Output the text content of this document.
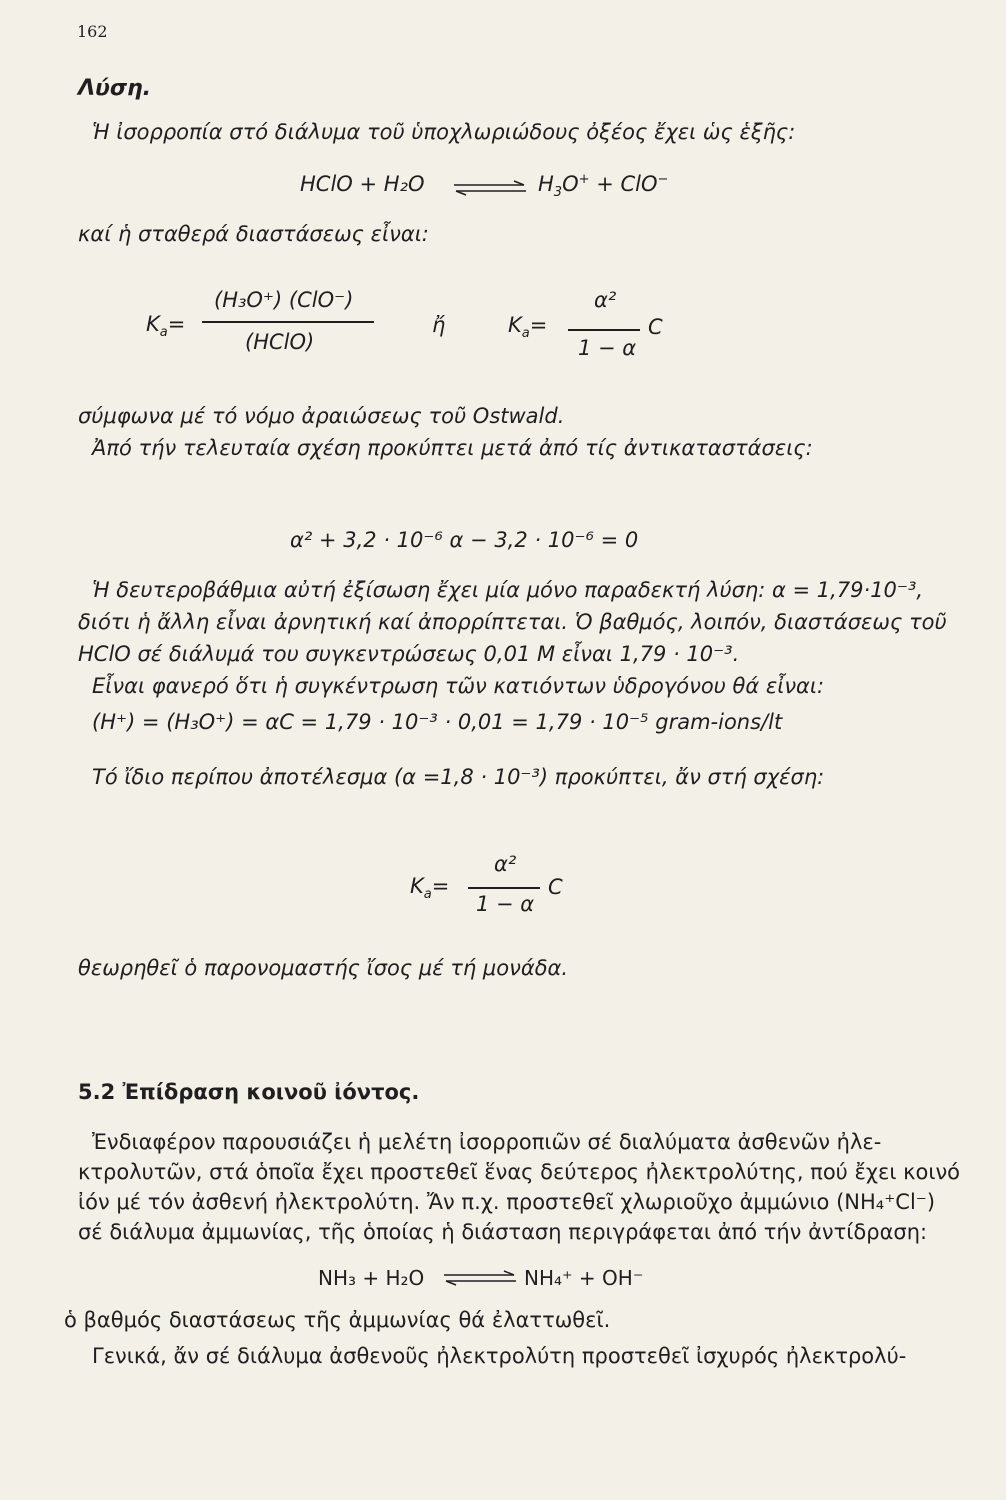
162
Λύση.
Ἡ ἰσορροπία στό διάλυμα τοῦ ὑποχλωριώδους ὀξέος ἔχει ὡς ἑξῆς:
HClO + H₂O	$H_3O^+ + ClO^-$
καί ἡ σταθερά διαστάσεως εἶναι:
$K_a=$
(H₃O⁺) (ClO⁻)
(HClO)
ἤ	$K_a=$
α²
1 − α
C
σύμφωνα μέ τό νόμο ἀραιώσεως τοῦ Ostwald.
Ἀπό τήν τελευταία σχέση προκύπτει μετά ἀπό τίς ἀντικαταστάσεις:
α² + 3,2 · 10⁻⁶ α − 3,2 · 10⁻⁶ = 0
Ἡ δευτεροβάθμια αὐτή ἐξίσωση ἔχει μία μόνο παραδεκτή λύση: α = 1,79·10⁻³,
διότι ἡ ἄλλη εἶναι ἀρνητική καί ἀπορρίπτεται. Ὁ βαθμός, λοιπόν, διαστάσεως τοῦ
HClO σέ διάλυμά του συγκεντρώσεως 0,01 M εἶναι 1,79 · 10⁻³.
Εἶναι φανερό ὅτι ἡ συγκέντρωση τῶν κατιόντων ὑδρογόνου θά εἶναι:
(H⁺) = (H₃O⁺) = αC = 1,79 · 10⁻³ · 0,01 = 1,79 · 10⁻⁵ gram-ions/lt
Τό ἴδιο περίπου ἀποτέλεσμα (α =1,8 · 10⁻³) προκύπτει, ἄν στή σχέση:
$K_a=$
α²
1 − α
C
θεωρηθεῖ ὁ παρονομαστής ἴσος μέ τή μονάδα.
5.2 Ἐπίδραση κοινοῦ ἰόντος.
Ἐνδιαφέρον παρουσιάζει ἡ μελέτη ἰσορροπιῶν σέ διαλύματα ἀσθενῶν ἠλε-
κτρολυτῶν, στά ὁποῖα ἔχει προστεθεῖ ἕνας δεύτερος ἠλεκτρολύτης, πού ἔχει κοινό
ἰόν μέ τόν ἀσθενή ἠλεκτρολύτη. Ἄν π.χ. προστεθεῖ χλωριοῦχο ἀμμώνιο (NH₄⁺Cl⁻)
σέ διάλυμα ἀμμωνίας, τῆς ὁποίας ἡ διάσταση περιγράφεται ἀπό τήν ἀντίδραση:
NH₃ + H₂O	NH₄⁺ + OH⁻
ὁ βαθμός διαστάσεως τῆς ἀμμωνίας θά ἐλαττωθεῖ.
Γενικά, ἄν σέ διάλυμα ἀσθενοῦς ἠλεκτρολύτη προστεθεῖ ἰσχυρός ἠλεκτρολύ-
